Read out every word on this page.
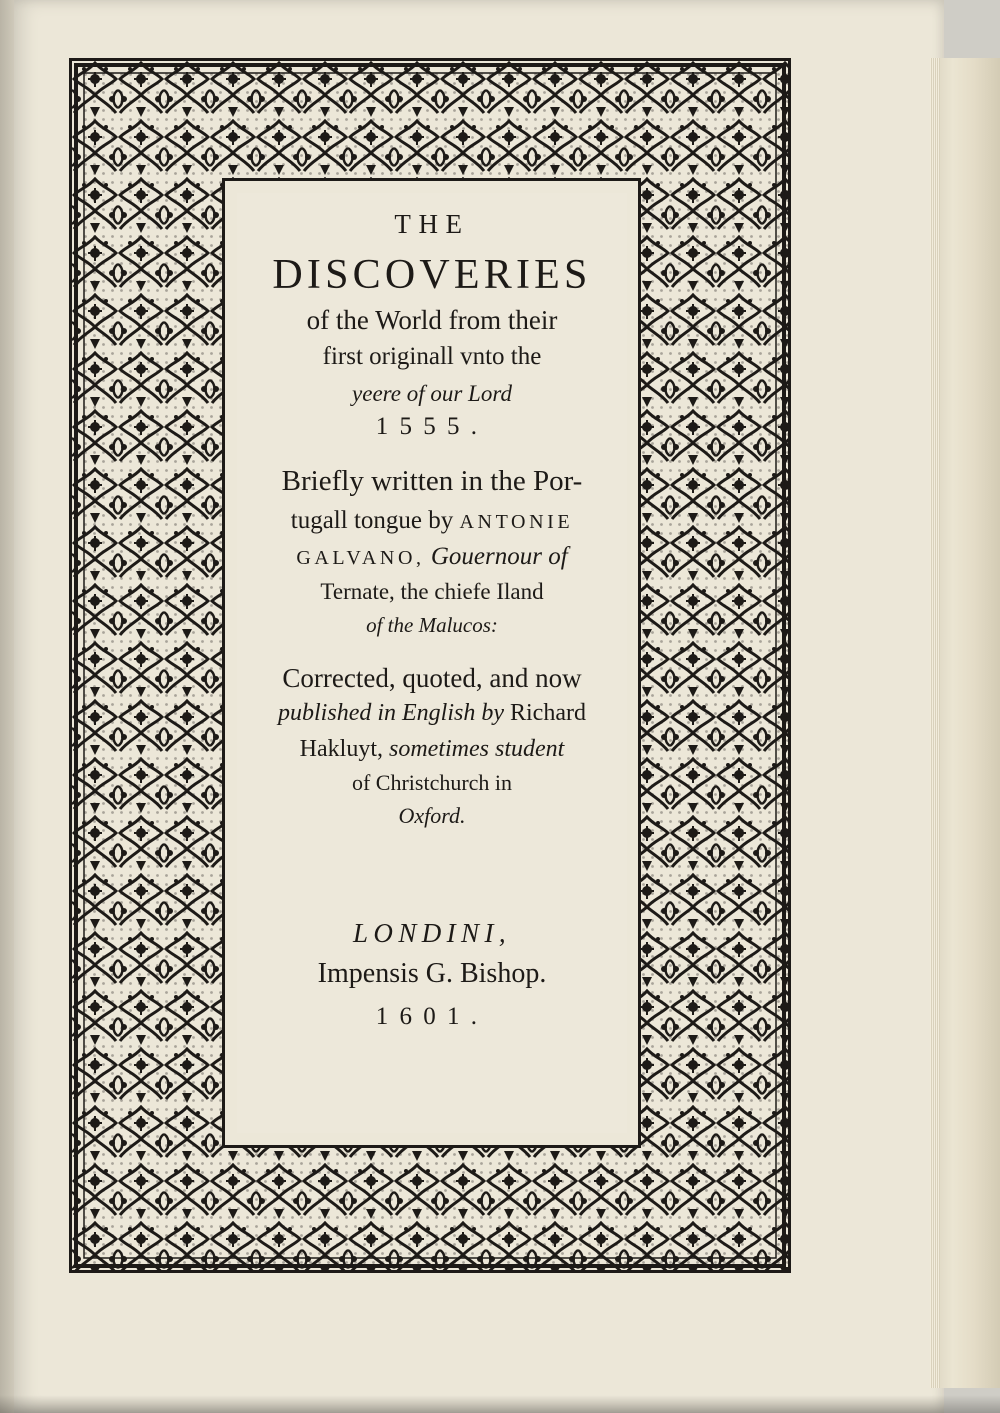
THE
DISCOVERIES
of the World from their
first originall vnto the
yeere of our Lord
1555.
Briefly written in the Por-
tugall tongue by ANTONIE
GALVANO, Gouernour of
Ternate, the chiefe Iland
of the Malucos:
Corrected, quoted, and now
published in English by Richard
Hakluyt, sometimes student
of Christchurch in
Oxford.
LONDINI,
Impensis G. Bishop.
1601.
